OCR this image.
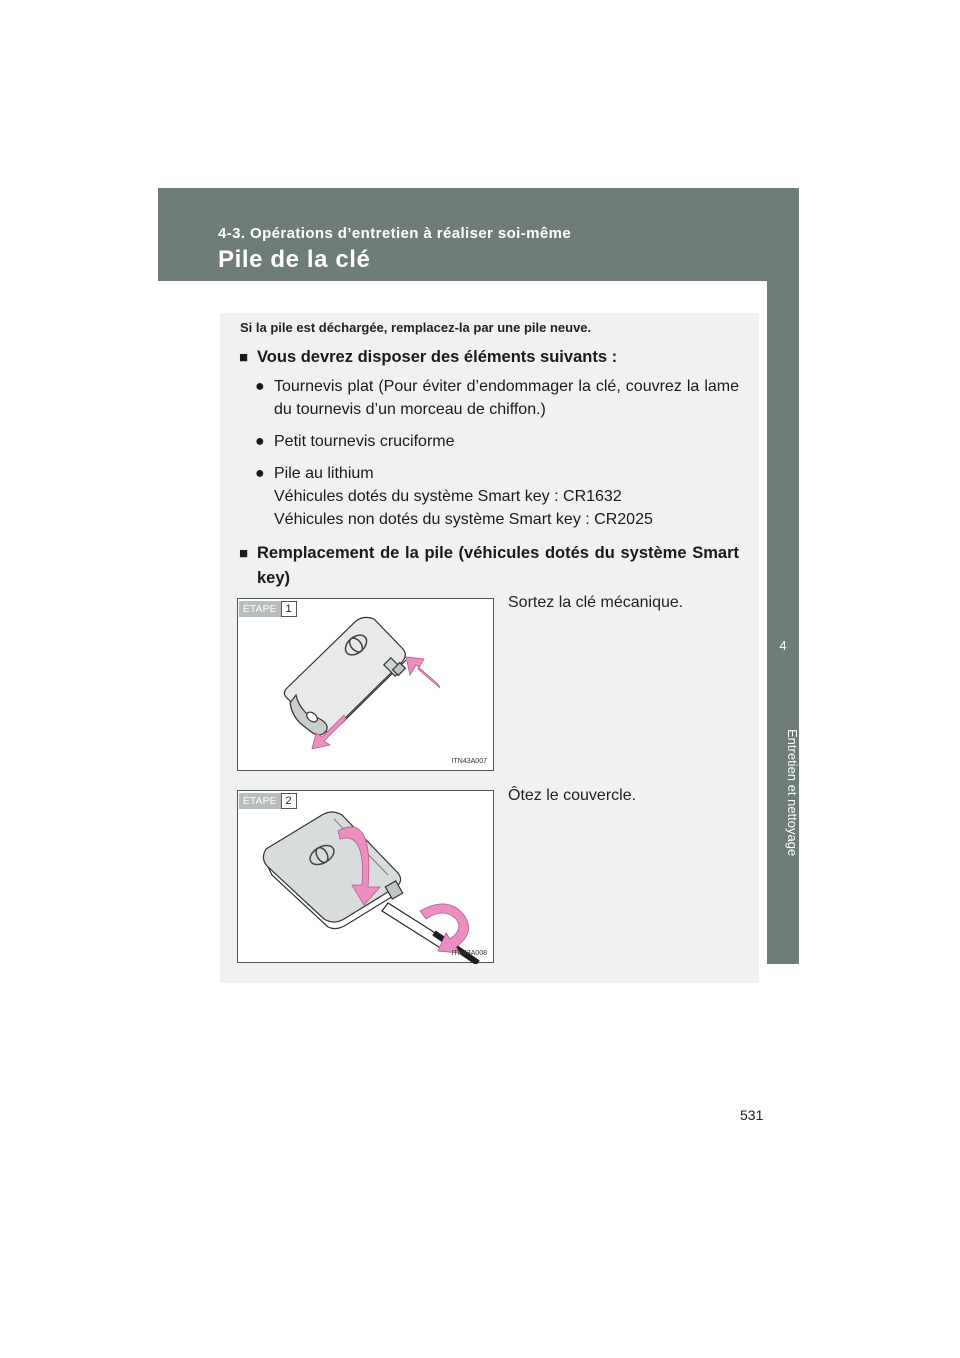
4-3. Opérations d’entretien à réaliser soi-même
Pile de la clé
4
Entretien et nettoyage
Si la pile est déchargée, remplacez-la par une pile neuve.
■ Vous devrez disposer des éléments suivants :
● Tournevis plat (Pour éviter d’endommager la clé, couvrez la lame du tournevis d’un morceau de chiffon.)
● Petit tournevis cruciforme
● Pile au lithium
Véhicules dotés du système Smart key : CR1632
Véhicules non dotés du système Smart key : CR2025
■ Remplacement de la pile (véhicules dotés du système Smart key)
ÉTAPE 1
ITN43A007
Sortez la clé mécanique.
ÉTAPE 2
ITN43A008
Ôtez le couvercle.
531
